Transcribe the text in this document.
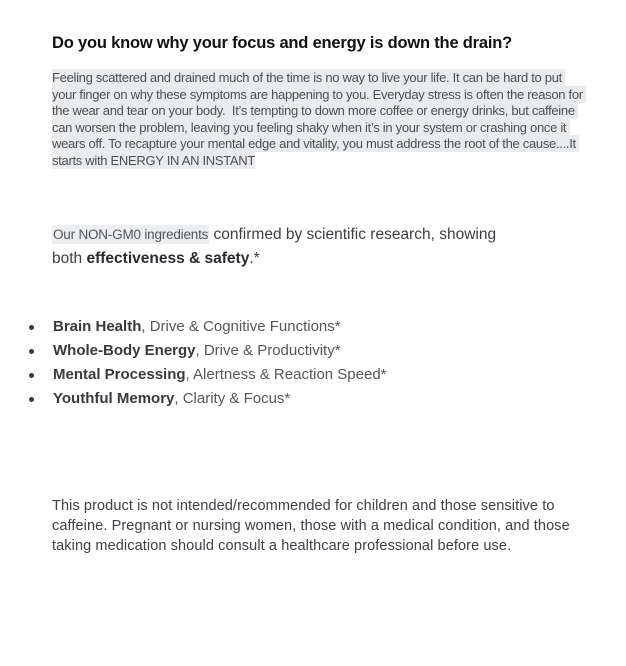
Do you know why your focus and energy is down the drain?

Feeling scattered and drained much of the time is no way to live your life. It can be hard to put your finger on why these symptoms are happening to you. Everyday stress is often the reason for the wear and tear on your body.  It’s tempting to down more coffee or energy drinks, but caffeine can worsen the problem, leaving you feeling shaky when it’s in your system or crashing once it wears off. To recapture your mental edge and vitality, you must address the root of the cause....It starts with ENERGY IN AN INSTANT

Our NON-GM0 ingredients confirmed by scientific research, showing both effectiveness & safety.*

Brain Health, Drive & Cognitive Functions*
Whole-Body Energy, Drive & Productivity*
Mental Processing, Alertness & Reaction Speed*
Youthful Memory, Clarity & Focus*

This product is not intended/recommended for children and those sensitive to caffeine. Pregnant or nursing women, those with a medical condition, and those taking medication should consult a healthcare professional before use.
